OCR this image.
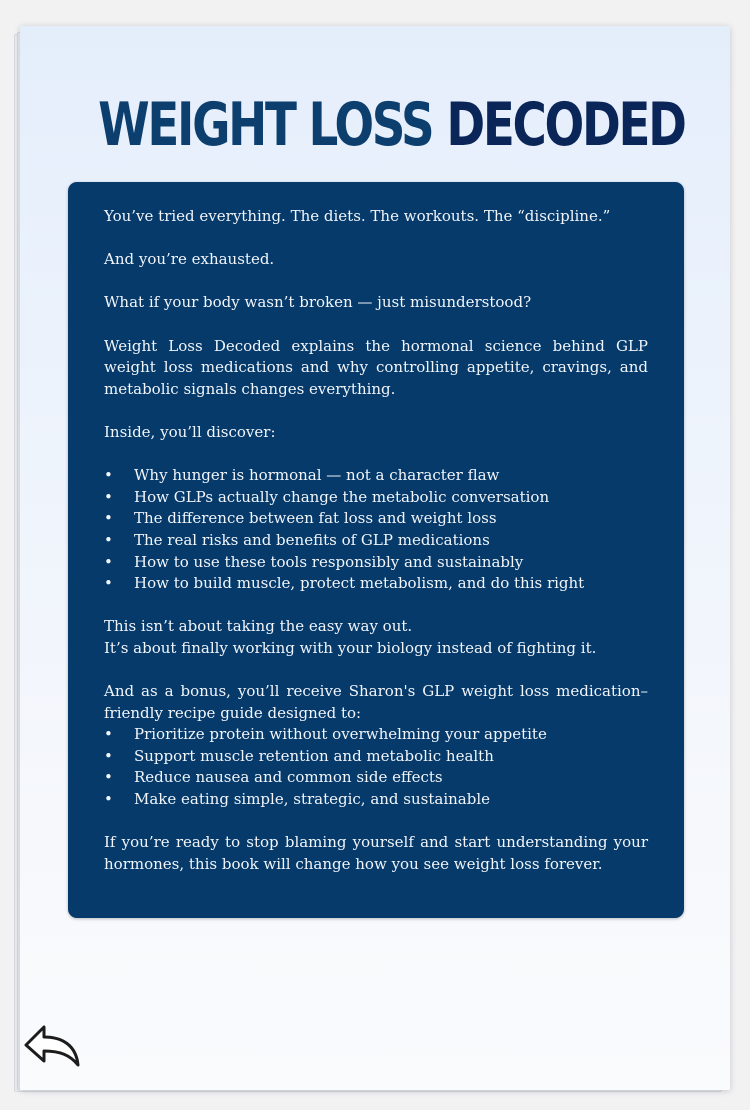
WEIGHT LOSS DECODED

You’ve tried everything. The diets. The workouts. The “discipline.”

And you’re exhausted.

What if your body wasn’t broken — just misunderstood?

Weight Loss Decoded explains the hormonal science behind GLP weight loss medications and why controlling appetite, cravings, and metabolic signals changes everything.

Inside, you’ll discover:

• Why hunger is hormonal — not a character flaw
• How GLPs actually change the metabolic conversation
• The difference between fat loss and weight loss
• The real risks and benefits of GLP medications
• How to use these tools responsibly and sustainably
• How to build muscle, protect metabolism, and do this right

This isn’t about taking the easy way out.

It’s about finally working with your biology instead of fighting it.

And as a bonus, you’ll receive Sharon's GLP weight loss medication–friendly recipe guide designed to:

• Prioritize protein without overwhelming your appetite
• Support muscle retention and metabolic health
• Reduce nausea and common side effects
• Make eating simple, strategic, and sustainable

If you’re ready to stop blaming yourself and start understanding your hormones, this book will change how you see weight loss forever.
